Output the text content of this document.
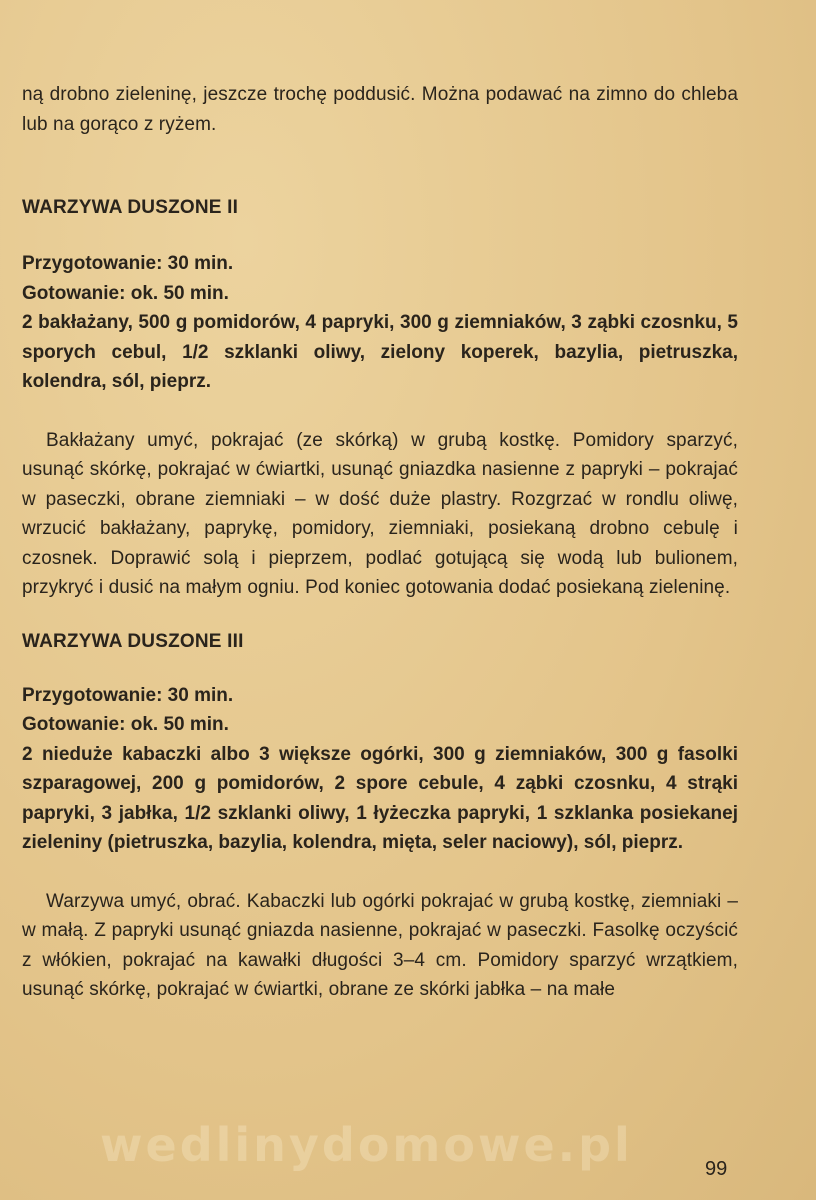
ną drobno zieleninę, jeszcze trochę poddusić. Można podawać na zimno do chleba lub na gorąco z ryżem.

WARZYWA DUSZONE II

Przygotowanie: 30 min.

Gotowanie: ok. 50 min.

2 bakłażany, 500 g pomidorów, 4 papryki, 300 g ziemniaków, 3 ząbki czosnku, 5 sporych cebul, 1/2 szklanki oliwy, zielony koperek, bazylia, pietruszka, kolendra, sól, pieprz.

Bakłażany umyć, pokrajać (ze skórką) w grubą kostkę. Pomidory sparzyć, usunąć skórkę, pokrajać w ćwiartki, usunąć gniazdka nasienne z papryki – pokrajać w paseczki, obrane ziemniaki – w dość duże plastry. Rozgrzać w rondlu oliwę, wrzucić bakłażany, paprykę, pomidory, ziemniaki, posiekaną drobno cebulę i czosnek. Doprawić solą i pieprzem, podlać gotującą się wodą lub bulionem, przykryć i dusić na małym ogniu. Pod koniec gotowania dodać posiekaną zieleninę.

WARZYWA DUSZONE III

Przygotowanie: 30 min.

Gotowanie: ok. 50 min.

2 nieduże kabaczki albo 3 większe ogórki, 300 g ziemniaków, 300 g fasolki szparagowej, 200 g pomidorów, 2 spore cebule, 4 ząbki czosnku, 4 strąki papryki, 3 jabłka, 1/2 szklanki oliwy, 1 łyżeczka papryki, 1 szklanka posiekanej zieleniny (pietruszka, bazylia, kolendra, mięta, seler naciowy), sól, pieprz.

Warzywa umyć, obrać. Kabaczki lub ogórki pokrajać w grubą kostkę, ziemniaki – w małą. Z papryki usunąć gniazda nasienne, pokrajać w paseczki. Fasolkę oczyścić z włókien, pokrajać na kawałki długości 3–4 cm. Pomidory sparzyć wrzątkiem, usunąć skórkę, pokrajać w ćwiartki, obrane ze skórki jabłka – na małe

wedlinydomowe.pl	99
